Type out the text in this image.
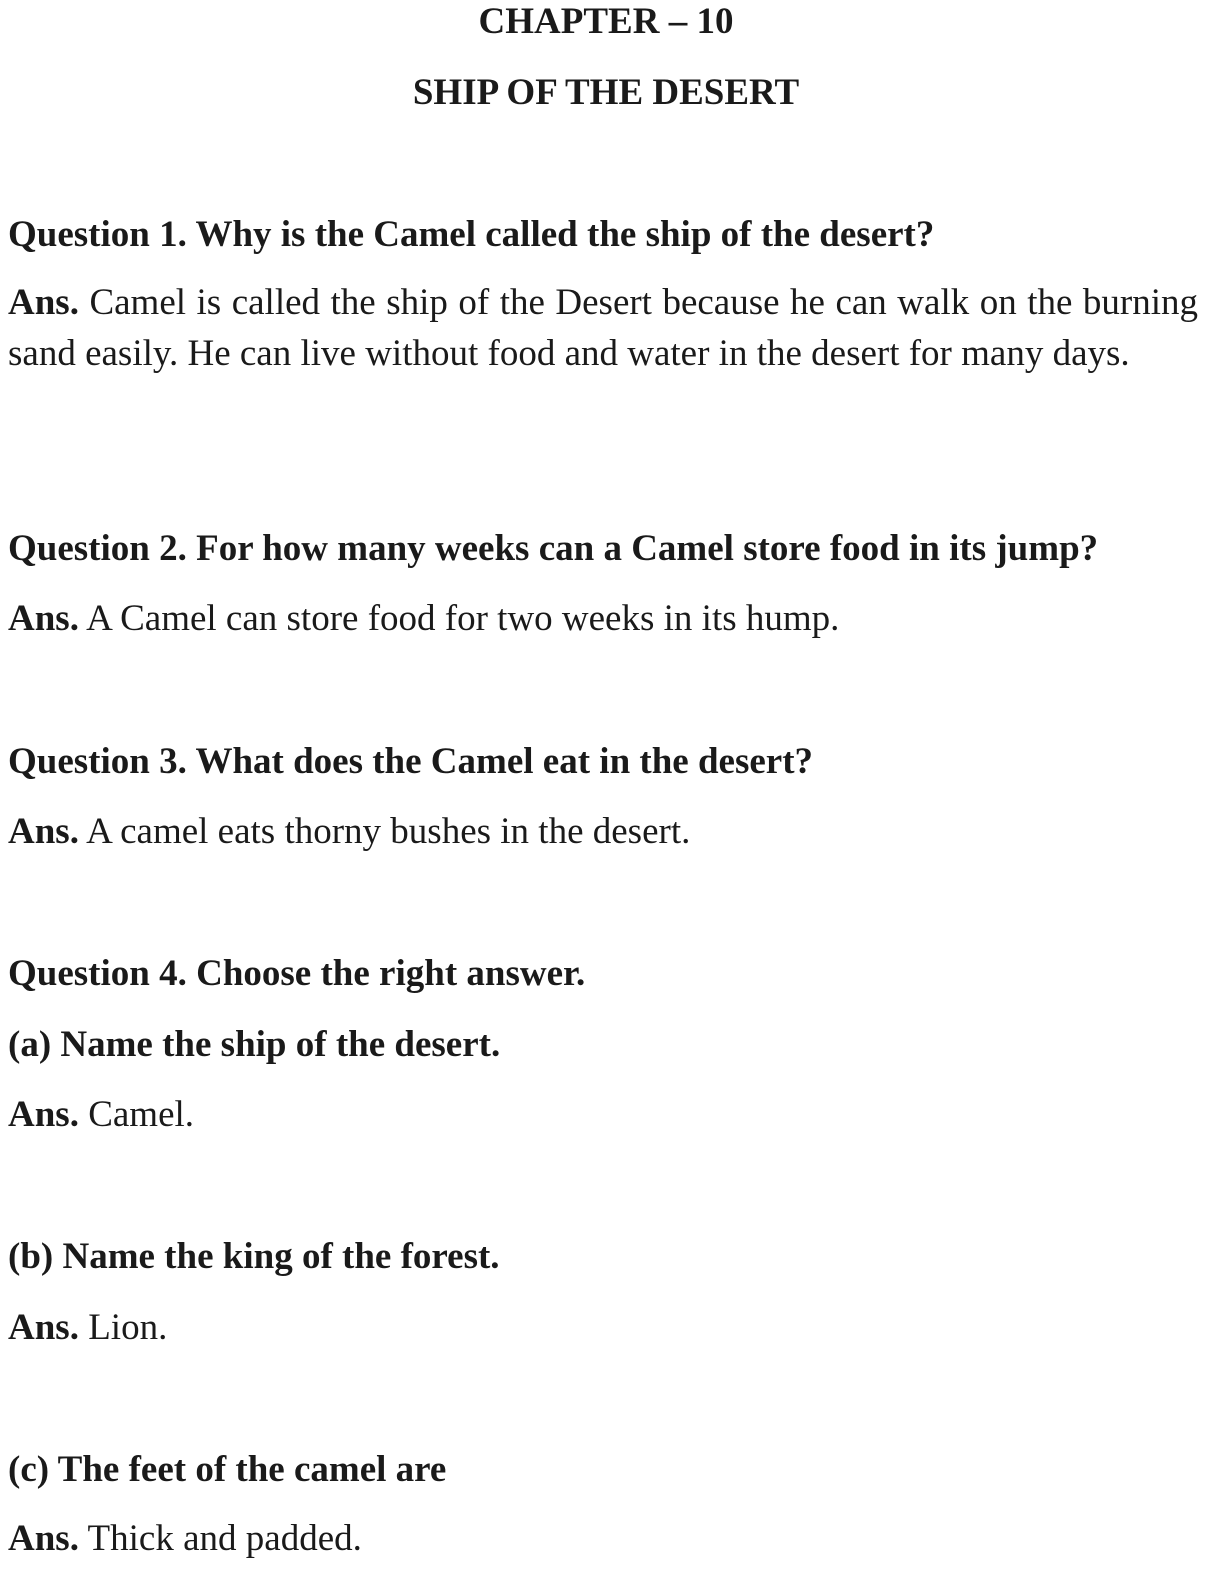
CHAPTER – 10
SHIP OF THE DESERT
Question 1. Why is the Camel called the ship of the desert?
Ans. Camel is called the ship of the Desert because he can walk on the burning sand easily. He can live without food and water in the desert for many days.
Question 2. For how many weeks can a Camel store food in its jump?
Ans. A Camel can store food for two weeks in its hump.
Question 3. What does the Camel eat in the desert?
Ans. A camel eats thorny bushes in the desert.
Question 4. Choose the right answer.
(a) Name the ship of the desert.
Ans. Camel.
(b) Name the king of the forest.
Ans. Lion.
(c) The feet of the camel are
Ans. Thick and padded.
